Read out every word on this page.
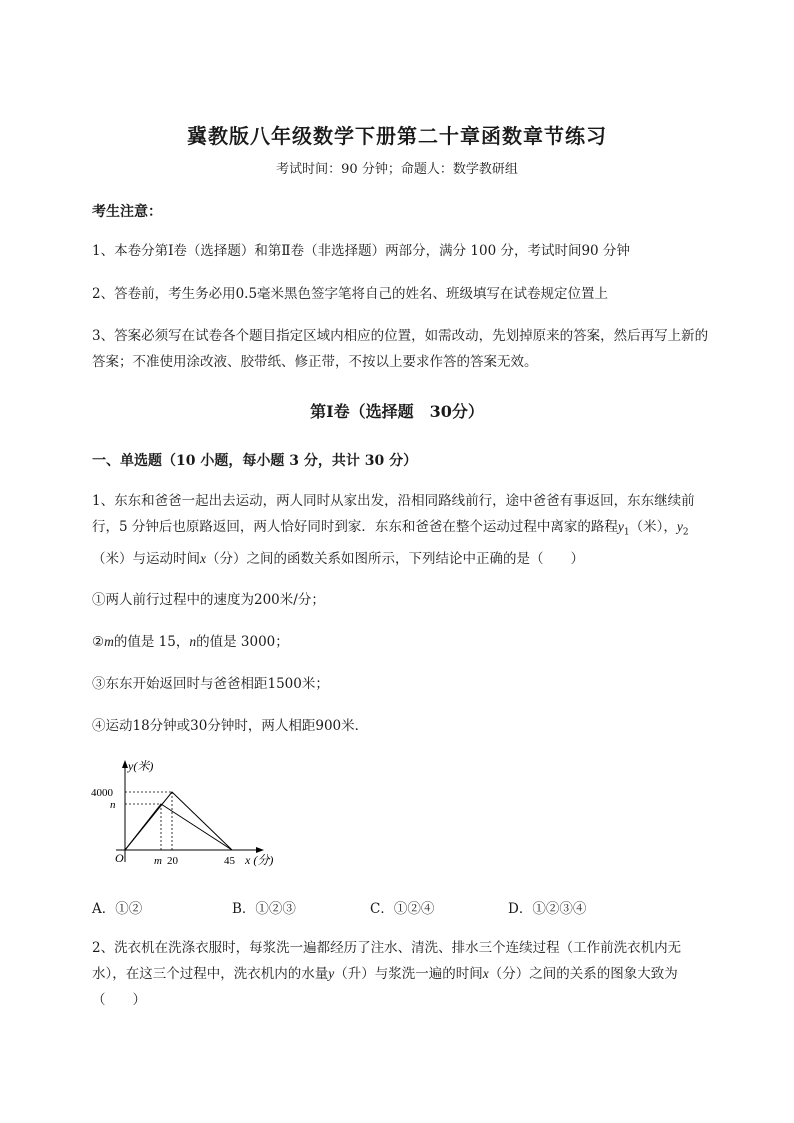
冀教版八年级数学下册第二十章函数章节练习
考试时间：90 分钟；命题人：数学教研组
考生注意：
1、本卷分第Ⅰ卷（选择题）和第Ⅱ卷（非选择题）两部分，满分 100 分，考试时间90 分钟
2、答卷前，考生务必用0.5毫米黑色签字笔将自己的姓名、班级填写在试卷规定位置上
3、答案必须写在试卷各个题目指定区域内相应的位置，如需改动，先划掉原来的答案，然后再写上新的答案；不准使用涂改液、胶带纸、修正带，不按以上要求作答的答案无效。
第Ⅰ卷（选择题　30分）
一、单选题（10 小题，每小题 3 分，共计 30 分）
1、东东和爸爸一起出去运动，两人同时从家出发，沿相同路线前行，途中爸爸有事返回，东东继续前行，5 分钟后也原路返回，两人恰好同时到家．东东和爸爸在整个运动过程中离家的路程$y_1$（米），$y_2$（米）与运动时间x（分）之间的函数关系如图所示，下列结论中正确的是（　　）
①两人前行过程中的速度为200米/分；
②m的值是 15，n的值是 3000；
③东东开始返回时与爸爸相距1500米；
④运动18分钟或30分钟时，两人相距900米．
y(米)
4000
n
O	m 20	45 x (分)
A．①②	B．①②③	C．①②④	D．①②③④
2、洗衣机在洗涤衣服时，每浆洗一遍都经历了注水、清洗、排水三个连续过程（工作前洗衣机内无水），在这三个过程中，洗衣机内的水量y（升）与浆洗一遍的时间x（分）之间的关系的图象大致为（　　）
